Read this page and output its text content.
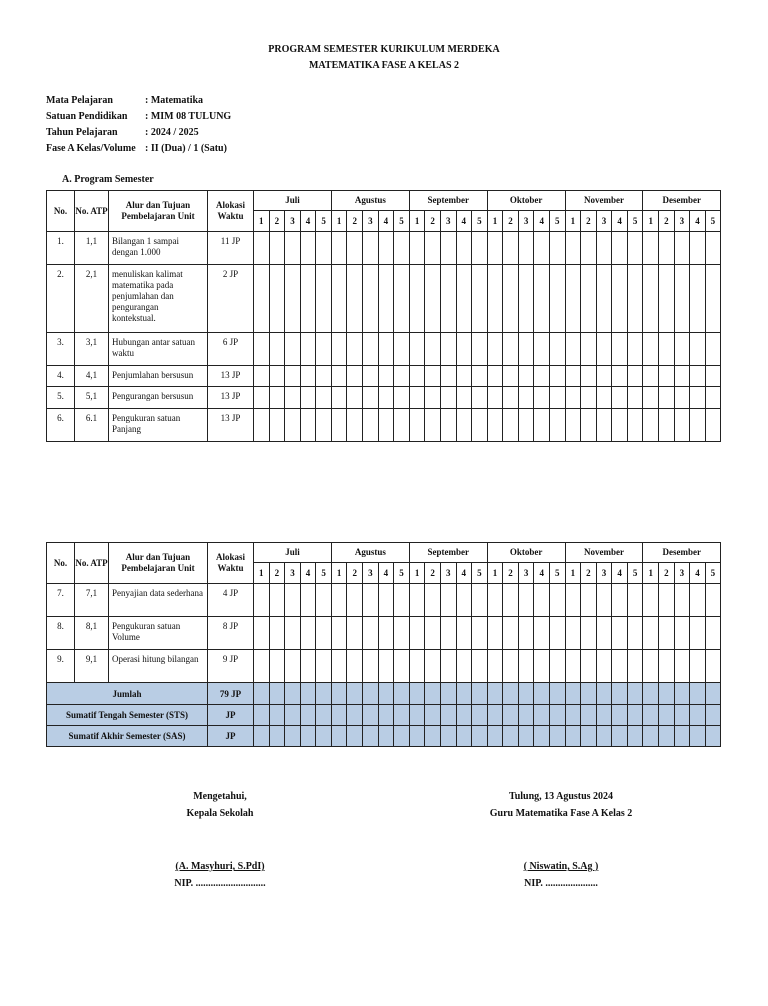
PROGRAM SEMESTER KURIKULUM MERDEKA
MATEMATIKA FASE A KELAS 2
Mata Pelajaran	: Matematika
Satuan Pendidikan : MIM 08 TULUNG
Tahun Pelajaran	: 2024 / 2025
Fase A Kelas/Volume : II (Dua) / 1 (Satu)
A. Program Semester
No.	No. ATP	Alur dan Tujuan Pembelajaran Unit	Alokasi Waktu	Juli					Agustus					September					Oktober					November					Desember				
				1	2	3	4	5	1	2	3	4	5	1	2	3	4	5	1	2	3	4	5	1	2	3	4	5	1	2	3	4	5
1.	1,1	Bilangan 1 sampai dengan 1.000	11 JP																														
2.	2,1	menuliskan kalimat matematika pada penjumlahan dan pengurangan kontekstual.	2 JP																														
3.	3,1	Hubungan antar satuan waktu	6 JP																														
4.	4,1	Penjumlahan bersusun	13 JP																														
5.	5,1	Pengurangan bersusun	13 JP																														
6.	6.1	Pengukuran satuan Panjang	13 JP																														
No.	No. ATP	Alur dan Tujuan Pembelajaran Unit	Alokasi Waktu	Juli					Agustus					September					Oktober					November					Desember				
				1	2	3	4	5	1	2	3	4	5	1	2	3	4	5	1	2	3	4	5	1	2	3	4	5	1	2	3	4	5
7.	7,1	Penyajian data sederhana	4 JP																														
8.	8,1	Pengukuran satuan Volume	8 JP																														
9.	9,1	Operasi hitung bilangan	9 JP																														
Jumlah			79 JP																														
Sumatif Tengah Semester (STS)			JP																														
Sumatif Akhir Semester (SAS)			JP																														
Mengetahui,
Kepala Sekolah
(A. Masyhuri, S.PdI)
NIP. ............................
Tulung, 13 Agustus 2024
Guru Matematika Fase A Kelas 2
( Niswatin, S.Ag )
NIP. .....................
